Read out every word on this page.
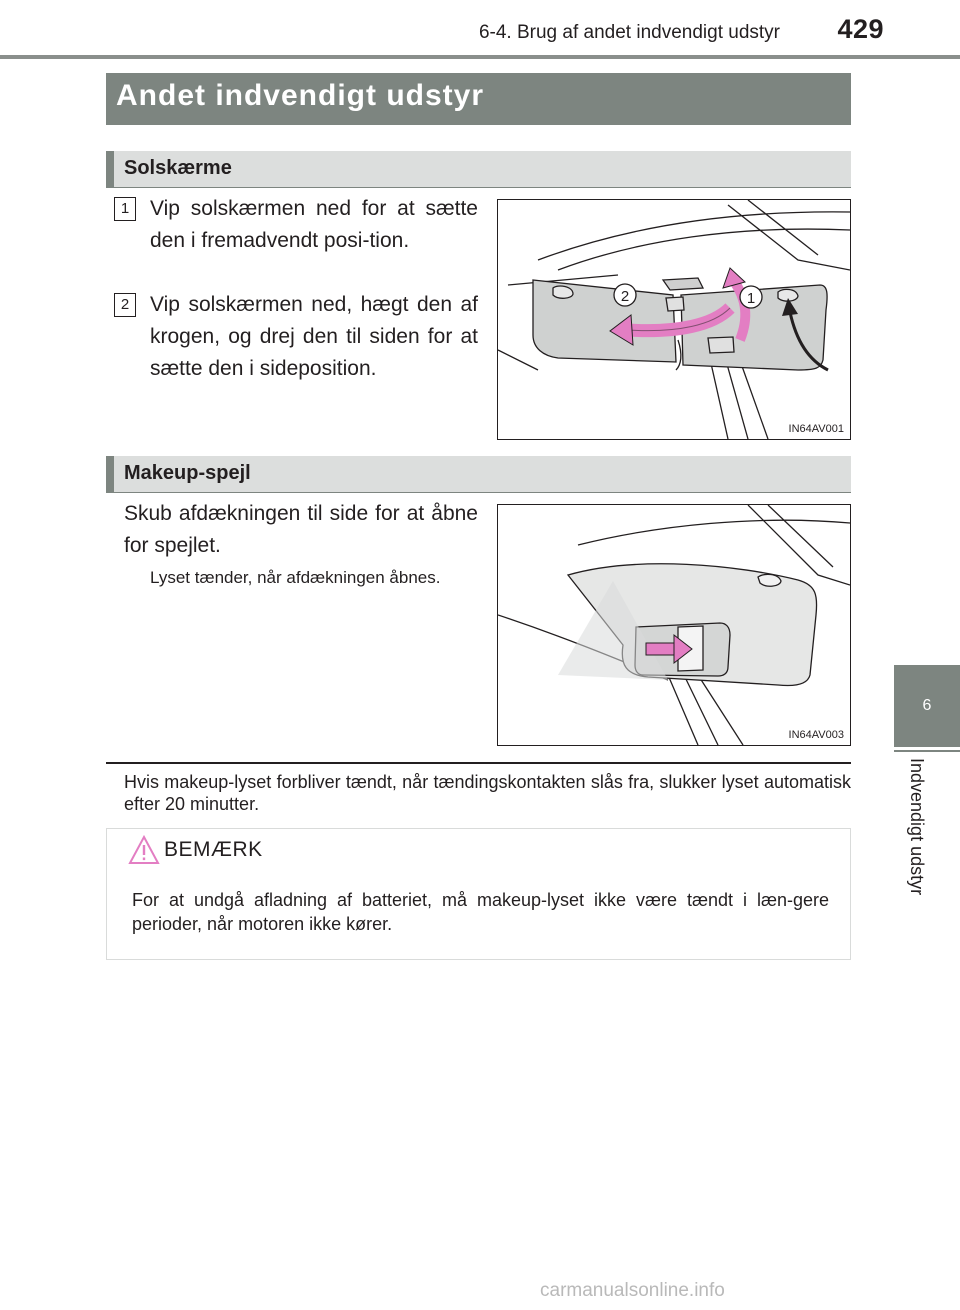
6-4. Brug af andet indvendigt udstyr	429
6
Indvendigt udstyr
Andet indvendigt udstyr
Solskærme
1 Vip solskærmen ned for at sætte den i fremadvendt posi-tion.
2 Vip solskærmen ned, hægt den af krogen, og drej den til siden for at sætte den i sideposition.
2	1
IN64AV001
Makeup-spejl
Skub afdækningen til side for at åbne for spejlet.
Lyset tænder, når afdækningen åbnes.
IN64AV003
Hvis makeup-lyset forbliver tændt, når tændingskontakten slås fra, slukker lyset automatisk efter 20 minutter.
BEMÆRK
For at undgå afladning af batteriet, må makeup-lyset ikke være tændt i læn-gere perioder, når motoren ikke kører.
carmanualsonline.info
